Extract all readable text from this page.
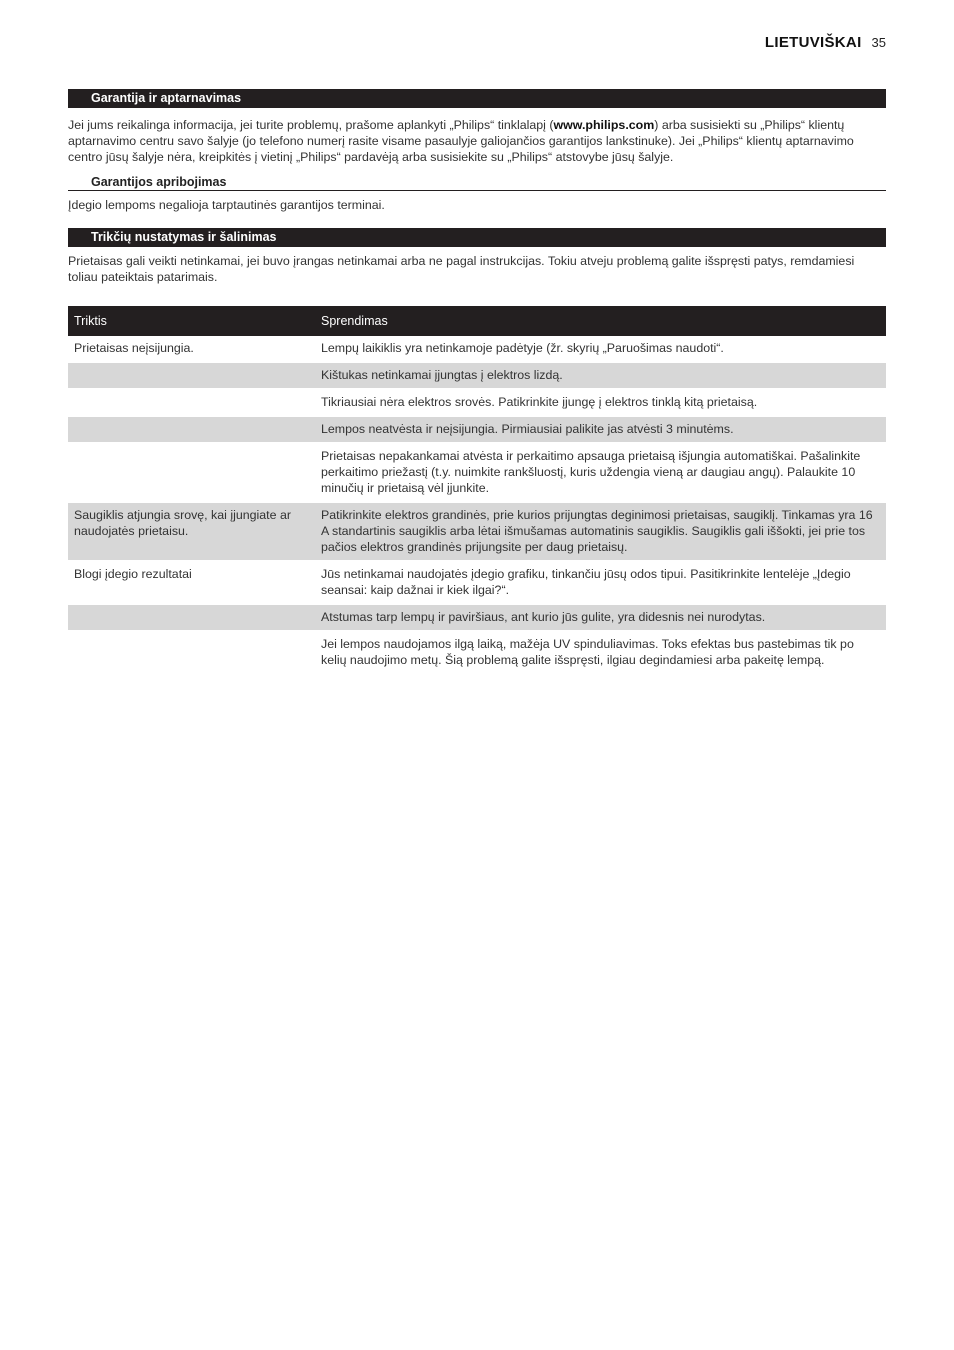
LIETUVIŠKAI 35
Garantija ir aptarnavimas

Jei jums reikalinga informacija, jei turite problemų, prašome aplankyti „Philips“ tinklalapį (www.philips.com) arba susisiekti su „Philips“ klientų aptarnavimo centru savo šalyje (jo telefono numerį rasite visame pasaulyje galiojančios garantijos lankstinuke). Jei „Philips“ klientų aptarnavimo centro jūsų šalyje nėra, kreipkitės į vietinį „Philips“ pardavėją arba susisiekite su „Philips“ atstovybe jūsų šalyje.

Garantijos apribojimas

Įdegio lempoms negalioja tarptautinės garantijos terminai.

Trikčių nustatymas ir šalinimas

Prietaisas gali veikti netinkamai, jei buvo įrangas netinkamai arba ne pagal instrukcijas. Tokiu atveju problemą galite išspręsti patys, remdamiesi toliau pateiktais patarimais.

Triktis	Sprendimas
Prietaisas neįsijungia.	Lempų laikiklis yra netinkamoje padėtyje (žr. skyrių „Paruošimas naudoti“.
	Kištukas netinkamai įjungtas į elektros lizdą.
	Tikriausiai nėra elektros srovės. Patikrinkite įjungę į elektros tinklą kitą prietaisą.
	Lempos neatvėsta ir neįsijungia. Pirmiausiai palikite jas atvėsti 3 minutėms.
	Prietaisas nepakankamai atvėsta ir perkaitimo apsauga prietaisą išjungia automatiškai. Pašalinkite perkaitimo priežastį (t.y. nuimkite rankšluostį, kuris uždengia vieną ar daugiau angų). Palaukite 10 minučių ir prietaisą vėl įjunkite.
Saugiklis atjungia srovę, kai įjungiate ar naudojatės prietaisu.	Patikrinkite elektros grandinės, prie kurios prijungtas deginimosi prietaisas, saugiklį. Tinkamas yra 16 A standartinis saugiklis arba lėtai išmušamas automatinis saugiklis. Saugiklis gali iššokti, jei prie tos pačios elektros grandinės prijungsite per daug prietaisų.
Blogi įdegio rezultatai	Jūs netinkamai naudojatės įdegio grafiku, tinkančiu jūsų odos tipui. Pasitikrinkite lentelėje „Įdegio seansai: kaip dažnai ir kiek ilgai?“.
	Atstumas tarp lempų ir paviršiaus, ant kurio jūs gulite, yra didesnis nei nurodytas.
	Jei lempos naudojamos ilgą laiką, mažėja UV spinduliavimas. Toks efektas bus pastebimas tik po kelių naudojimo metų. Šią problemą galite išspręsti, ilgiau degindamiesi arba pakeitę lempą.
